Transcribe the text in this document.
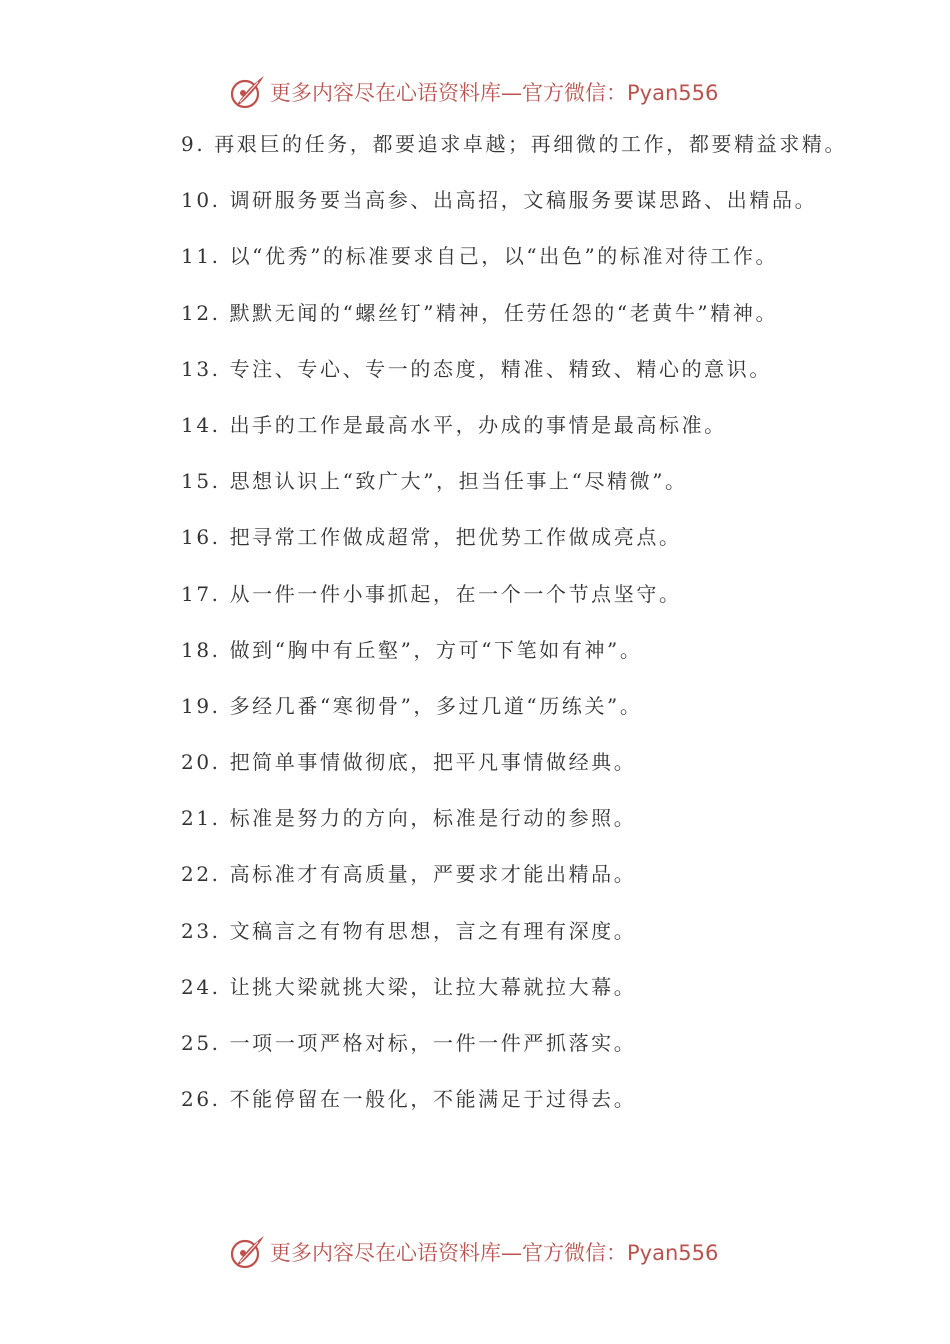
更多内容尽在心语资料库—官方微信：Pyan556
9. 再艰巨的任务，都要追求卓越；再细微的工作，都要精益求精。
10. 调研服务要当高参、出高招，文稿服务要谋思路、出精品。
11. 以“优秀”的标准要求自己，以“出色”的标准对待工作。
12. 默默无闻的“螺丝钉”精神，任劳任怨的“老黄牛”精神。
13. 专注、专心、专一的态度，精准、精致、精心的意识。
14. 出手的工作是最高水平，办成的事情是最高标准。
15. 思想认识上“致广大”，担当任事上“尽精微”。
16. 把寻常工作做成超常，把优势工作做成亮点。
17. 从一件一件小事抓起，在一个一个节点坚守。
18. 做到“胸中有丘壑”，方可“下笔如有神”。
19. 多经几番“寒彻骨”，多过几道“历练关”。
20. 把简单事情做彻底，把平凡事情做经典。
21. 标准是努力的方向，标准是行动的参照。
22. 高标准才有高质量，严要求才能出精品。
23. 文稿言之有物有思想，言之有理有深度。
24. 让挑大梁就挑大梁，让拉大幕就拉大幕。
25. 一项一项严格对标，一件一件严抓落实。
26. 不能停留在一般化，不能满足于过得去。
更多内容尽在心语资料库—官方微信：Pyan556
